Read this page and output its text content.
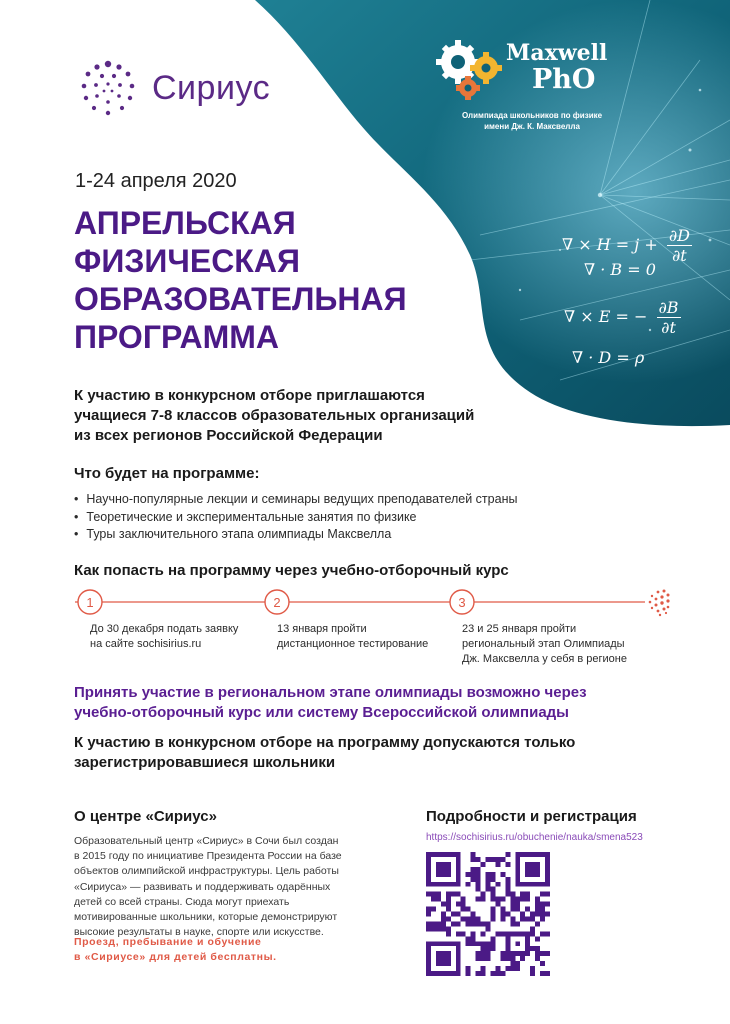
Сириус
Maxwell
PhO
Олимпиада школьников по физике
имени Дж. К. Максвелла
∇ × $H = j + \frac{\partial D}{\partial t}$
∇ · B = 0
∇ × E = − $\frac{\partial B}{\partial t}$
∇ · D = ρ
1-24 апреля 2020
АПРЕЛЬСКАЯ
ФИЗИЧЕСКАЯ
ОБРАЗОВАТЕЛЬНАЯ
ПРОГРАММА
К участию в конкурсном отборе приглашаются
учащиеся 7-8 классов образовательных организаций
из всех регионов Российской Федерации
Что будет на программе:
• Научно-популярные лекции и семинары ведущих преподавателей страны
• Теоретические и экспериментальные занятия по физике
• Туры заключительного этапа олимпиады Максвелла
Как попасть на программу через учебно-отборочный курс
1	2	3
До 30 декабря подать заявку
на сайте sochisirius.ru
13 января пройти
дистанционное тестирование
23 и 25 января пройти
региональный этап Олимпиады
Дж. Максвелла у себя в регионе
Принять участие в региональном этапе олимпиады возможно через
учебно-отборочный курс или систему Всероссийской олимпиады
К участию в конкурсном отборе на программу допускаются только
зарегистрировавшиеся школьники
О центре «Сириус»
Образовательный центр «Сириус» в Сочи был создан
в 2015 году по инициативе Президента России на базе
объектов олимпийской инфраструктуры. Цель работы
«Сириуса» — развивать и поддерживать одарённых
детей со всей страны. Сюда могут приехать
мотивированные школьники, которые демонстрируют
высокие результаты в науке, спорте или искусстве.
Проезд, пребывание и обучение
в «Сириусе» для детей бесплатны.
Подробности и регистрация
https://sochisirius.ru/obuchenie/nauka/smena523
